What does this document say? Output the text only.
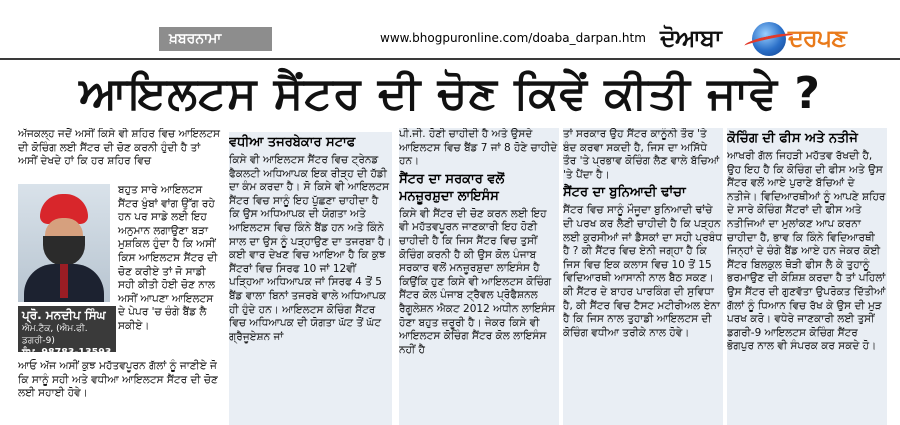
ਖ਼ਬਰਨਾਮਾ	www.bhogpuronline.com/doaba_darpan.htm ਦੋਆਬਾ	ਦਰਪਣ
ਆਇਲਟਸ ਸੈਂਟਰ ਦੀ ਚੋਣ ਕਿਵੇਂ ਕੀਤੀ ਜਾਵੇ ?

ਅੱਜਕਲ੍ਹ ਜਦੋਂ ਅਸੀਂ ਕਿਸੇ ਵੀ ਸ਼ਹਿਰ ਵਿਚ ਆਇਲਟਸ ਦੀ ਕੋਚਿੰਗ ਲਈ ਸੈਂਟਰ ਦੀ ਚੋਣ ਕਰਨੀ ਹੁੰਦੀ ਹੈ ਤਾਂ ਅਸੀਂ ਦੇਖਦੇ ਹਾਂ ਕਿ ਹਰ ਸ਼ਹਿਰ ਵਿਚ

ਬਹੁਤ ਸਾਰੇ ਆਇਲਟਸ ਸੈਂਟਰ ਖੁੰਬਾਂ ਵਾਂਗ ਉੱਗ ਰਹੇ ਹਨ ਪਰ ਸਾਡੇ ਲਈ ਇਹ ਅਨੁਮਾਨ ਲਗਾਉਣਾ ਬੜਾ ਮੁਸ਼ਕਿਲ ਹੁੰਦਾ ਹੈ ਕਿ ਅਸੀਂ ਕਿਸ ਆਇਲਟਸ ਸੈਂਟਰ ਦੀ ਚੋਣ ਕਰੀਏ ਤਾਂ ਜੋ ਸਾਡੀ ਸਹੀ ਕੀਤੀ ਹੋਈ ਚੋਣ ਨਾਲ ਅਸੀਂ ਆਪਣਾ ਆਇਲਟਸ ਦੇ ਪੇਪਰ 'ਚ ਚੰਗੇ ਬੈਂਡ ਲੈ ਸਕੀਏ।

ਪ੍ਰੋ. ਮਨਦੀਪ ਸਿੰਘ
ਐਮ.ਟੈਕ, (ਐਮ.ਫੀ. ਡਗਰੀ-9)
ਸੰਪ. 98783-13593

ਆਓ ਅੱਜ ਅਸੀਂ ਕੁਝ ਮਹੱਤਵਪੂਰਨ ਗੱਲਾਂ ਨੂੰ ਜਾਣੀਏ ਜੋ ਕਿ ਸਾਨੂੰ ਸਹੀ ਅਤੇ ਵਧੀਆ ਆਇਲਟਸ ਸੈਂਟਰ ਦੀ ਚੋਣ ਲਈ ਸਹਾਈ ਹੋਵੇ।

ਵਧੀਆ ਤਜਰਬੇਕਾਰ ਸਟਾਫ

ਕਿਸੇ ਵੀ ਆਇਲਟਸ ਸੈਂਟਰ ਵਿਚ ਟ੍ਰੇਨਡ ਫੈਕਲਟੀ ਅਧਿਆਪਕ ਇਕ ਰੀੜ੍ਹ ਦੀ ਹੱਡੀ ਦਾ ਕੰਮ ਕਰਦਾ ਹੈ। ਸੋ ਕਿਸੇ ਵੀ ਆਇਲਟਸ ਸੈਂਟਰ ਵਿਚ ਸਾਨੂੰ ਇਹ ਪੁੱਛਣਾ ਚਾਹੀਦਾ ਹੈ ਕਿ ਉਸ ਅਧਿਆਪਕ ਦੀ ਯੋਗਤਾ ਅਤੇ ਆਇਲਟਸ ਵਿਚ ਕਿੰਨੇ ਬੈਂਡ ਹਨ ਅਤੇ ਕਿੰਨੇ ਸਾਲ ਦਾ ਉਸ ਨੂੰ ਪੜ੍ਹਾਉਣ ਦਾ ਤਜਰਬਾ ਹੈ। ਕਈ ਵਾਰ ਦੇਖਣ ਵਿਚ ਆਇਆ ਹੈ ਕਿ ਕੁਝ ਸੈਂਟਰਾਂ ਵਿਚ ਸਿਰਫ 10 ਜਾਂ 12ਵੀਂ ਪੜ੍ਹਿਆ ਅਧਿਆਪਕ ਜਾਂ ਸਿਰਫ 4 ਤੋਂ 5 ਬੈਂਡ ਵਾਲਾ ਬਿਨਾਂ ਤਜਰਬੇ ਵਾਲੇ ਅਧਿਆਪਕ ਹੀ ਹੁੰਦੇ ਹਨ। ਆਇਲਟਸ ਕੋਚਿੰਗ ਸੈਂਟਰ ਵਿਚ ਅਧਿਆਪਕ ਦੀ ਯੋਗਤਾ ਘੱਟ ਤੋਂ ਘੱਟ ਗ੍ਰੈਜੂਏਸ਼ਨ ਜਾਂ

ਪੀ.ਜੀ. ਹੋਣੀ ਚਾਹੀਦੀ ਹੈ ਅਤੇ ਉਸਦੇ ਆਇਲਟਸ ਵਿਚ ਬੈਂਡ 7 ਜਾਂ 8 ਹੋਣੇ ਚਾਹੀਦੇ ਹਨ।

ਸੈਂਟਰ ਦਾ ਸਰਕਾਰ ਵਲੋਂ ਮਨਜ਼ੂਰਸ਼ੁਦਾ ਲਾਇਸੰਸ

ਕਿਸੇ ਵੀ ਸੈਂਟਰ ਦੀ ਚੋਣ ਕਰਨ ਲਈ ਇਹ ਵੀ ਮਹੱਤਵਪੂਰਨ ਜਾਣਕਾਰੀ ਇਹ ਹੋਣੀ ਚਾਹੀਦੀ ਹੈ ਕਿ ਜਿਸ ਸੈਂਟਰ ਵਿਚ ਤੁਸੀਂ ਕੋਚਿੰਗ ਕਰਨੀ ਹੈ ਕੀ ਉਸ ਕੋਲ ਪੰਜਾਬ ਸਰਕਾਰ ਵਲੋਂ ਮਨਜ਼ੂਰਸ਼ੁਦਾ ਲਾਇਸੰਸ ਹੈ ਕਿਉਂਕਿ ਹੁਣ ਕਿਸੇ ਵੀ ਆਇਲਟਸ ਕੋਚਿੰਗ ਸੈਂਟਰ ਕੋਲ ਪੰਜਾਬ ਟ੍ਰੈਵਲ ਪ੍ਰੋਫੈਸ਼ਨਲ ਰੈਗੂਲੇਸ਼ਨ ਐਕਟ 2012 ਅਧੀਨ ਲਾਇਸੰਸ ਹੋਣਾ ਬਹੁਤ ਜ਼ਰੂਰੀ ਹੈ। ਜੇਕਰ ਕਿਸੇ ਵੀ ਆਇਲਟਸ ਕੋਚਿੰਗ ਸੈਂਟਰ ਕੋਲ ਲਾਇਸੰਸ ਨਹੀਂ ਹੈ

ਤਾਂ ਸਰਕਾਰ ਉਹ ਸੈਂਟਰ ਕਾਨੂੰਨੀ ਤੌਰ 'ਤੇ ਬੰਦ ਕਰਵਾ ਸਕਦੀ ਹੈ, ਜਿਸ ਦਾ ਅਸਿੱਧੇ ਤੌਰ 'ਤੇ ਪ੍ਰਭਾਵ ਕੋਚਿੰਗ ਲੈਣ ਵਾਲੇ ਬੱਚਿਆਂ 'ਤੇ ਪੈਂਦਾ ਹੈ।

ਸੈਂਟਰ ਦਾ ਬੁਨਿਆਦੀ ਢਾਂਚਾ

ਸੈਂਟਰ ਵਿਚ ਸਾਨੂੰ ਮੌਜੂਦਾ ਬੁਨਿਆਦੀ ਢਾਂਚੇ ਦੀ ਪਰਖ ਕਰ ਲੈਣੀ ਚਾਹੀਦੀ ਹੈ ਕਿ ਪੜ੍ਹਨ ਲਈ ਕੁਰਸੀਆਂ ਜਾਂ ਡੈਸਕਾਂ ਦਾ ਸਹੀ ਪ੍ਰਬੰਧ ਹੈ ? ਕੀ ਸੈਂਟਰ ਵਿਚ ਏਨੀ ਜਗ੍ਹਾ ਹੈ ਕਿ ਜਿਸ ਵਿਚ ਇਕ ਕਲਾਸ ਵਿਚ 10 ਤੋਂ 15 ਵਿਦਿਆਰਥੀ ਆਸਾਨੀ ਨਾਲ ਬੈਠ ਸਕਣ। ਕੀ ਸੈਂਟਰ ਦੇ ਬਾਹਰ ਪਾਰਕਿੰਗ ਦੀ ਸੁਵਿਧਾ ਹੈ, ਕੀ ਸੈਂਟਰ ਵਿਚ ਟੈਸਟ ਮਟੀਰੀਅਲ ਏਨਾ ਹੈ ਕਿ ਜਿਸ ਨਾਲ ਤੁਹਾਡੀ ਆਇਲਟਸ ਦੀ ਕੋਚਿੰਗ ਵਧੀਆ ਤਰੀਕੇ ਨਾਲ ਹੋਵੇ।

ਕੋਚਿੰਗ ਦੀ ਫੀਸ ਅਤੇ ਨਤੀਜੇ

ਆਖਰੀ ਗੱਲ ਜਿਹੜੀ ਮਹੱਤਵ ਰੱਖਦੀ ਹੈ, ਉਹ ਇਹ ਹੈ ਕਿ ਕੋਚਿੰਗ ਦੀ ਫੀਸ ਅਤੇ ਉਸ ਸੈਂਟਰ ਵਲੋਂ ਆਏ ਪੁਰਾਣੇ ਬੱਚਿਆਂ ਦੇ ਨਤੀਜੇ। ਵਿਦਿਆਰਥੀਆਂ ਨੂੰ ਆਪਣੇ ਸ਼ਹਿਰ ਦੇ ਸਾਰੇ ਕੋਚਿੰਗ ਸੈਂਟਰਾਂ ਦੀ ਫੀਸ ਅਤੇ ਨਤੀਜਿਆਂ ਦਾ ਮੁਲਾਂਕਣ ਆਪ ਕਰਨਾ ਚਾਹੀਦਾ ਹੈ, ਭਾਵ ਕਿ ਕਿੰਨੇ ਵਿਦਿਆਰਥੀ ਜਿਨ੍ਹਾਂ ਦੇ ਚੰਗੇ ਬੈਂਡ ਆਏ ਹਨ ਜੇਕਰ ਕੋਈ ਸੈਂਟਰ ਬਿਲਕੁਲ ਥੋੜੀ ਫੀਸ ਲੈ ਕੇ ਤੁਹਾਨੂੰ ਭਰਮਾਉਣ ਦੀ ਕੋਸ਼ਿਸ਼ ਕਰਦਾ ਹੈ ਤਾਂ ਪਹਿਲਾਂ ਉਸ ਸੈਂਟਰ ਦੀ ਗੁਣਵੱਤਾ ਉਪਰੋਕਤ ਦਿੱਤੀਆਂ ਗੱਲਾਂ ਨੂੰ ਧਿਆਨ ਵਿਚ ਰੱਖ ਕੇ ਉਸ ਦੀ ਮੁੜ ਪਰਖ ਕਰੋ। ਵਧੇਰੇ ਜਾਣਕਾਰੀ ਲਈ ਤੁਸੀਂ ਡਗਰੀ-9 ਆਇਲਟਸ ਕੋਚਿੰਗ ਸੈਂਟਰ ਭੋਗਪੁਰ ਨਾਲ ਵੀ ਸੰਪਰਕ ਕਰ ਸਕਦੇ ਹੋ।
